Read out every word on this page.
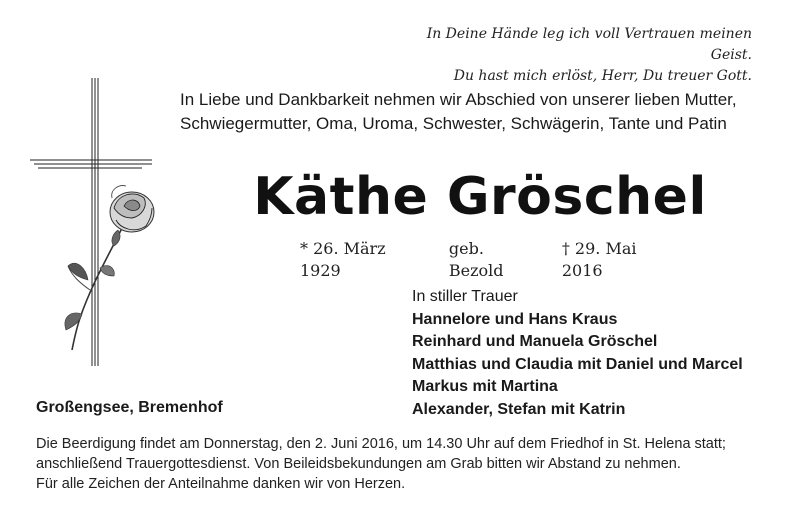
In Deine Hände leg ich voll Vertrauen meinen Geist.
Du hast mich erlöst, Herr, Du treuer Gott.
In Liebe und Dankbarkeit nehmen wir Abschied von unserer lieben Mutter,
Schwiegermutter, Oma, Uroma, Schwester, Schwägerin, Tante und Patin
Käthe Gröschel
* 26. März 1929
geb. Bezold
† 29. Mai 2016
In stiller Trauer
Hannelore und Hans Kraus
Reinhard und Manuela Gröschel
Matthias und Claudia mit Daniel und Marcel
Markus mit Martina
Alexander, Stefan mit Katrin
Großengsee, Bremenhof
Die Beerdigung findet am Donnerstag, den 2. Juni 2016, um 14.30 Uhr auf dem Friedhof in St. Helena statt;
anschließend Trauergottesdienst. Von Beileidsbekundungen am Grab bitten wir Abstand zu nehmen.
Für alle Zeichen der Anteilnahme danken wir von Herzen.
